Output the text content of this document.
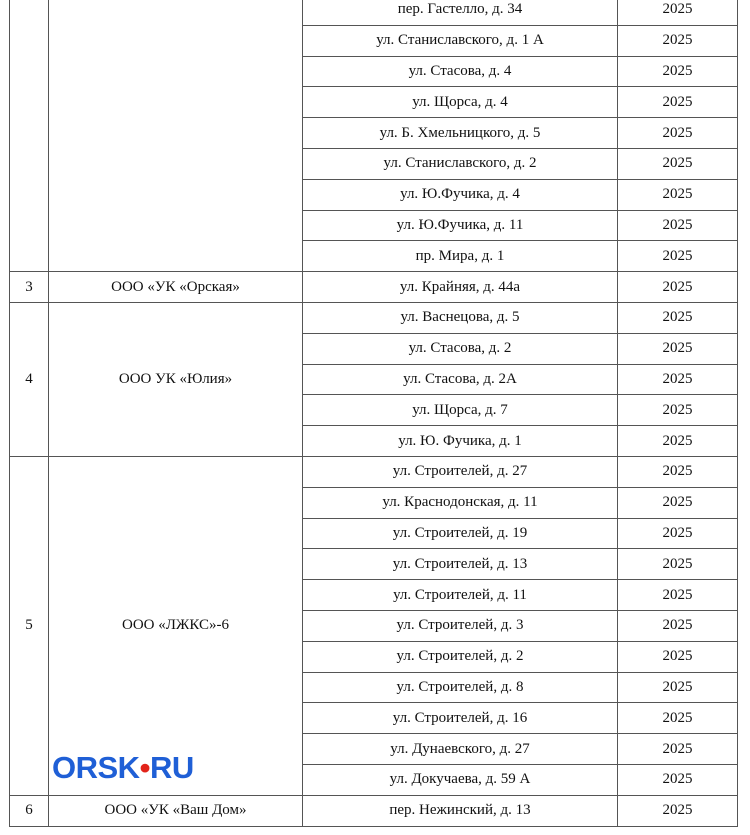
		пер. Гастелло, д. 34	2025
		ул. Станиславского, д. 1 А	2025
		ул. Стасова, д. 4	2025
		ул. Щорса, д. 4	2025
		ул. Б. Хмельницкого, д. 5	2025
		ул. Станиславского, д. 2	2025
		ул. Ю.Фучика, д. 4	2025
		ул. Ю.Фучика, д. 11	2025
		пр. Мира, д. 1	2025
3	ООО «УК «Орская»	ул. Крайняя, д. 44а	2025
4	ООО УК «Юлия»	ул. Васнецова, д. 5	2025
		ул. Стасова, д. 2	2025
		ул. Стасова, д. 2А	2025
		ул. Щорса, д. 7	2025
		ул. Ю. Фучика, д. 1	2025
5	ООО «ЛЖКС»-6	ул. Строителей, д. 27	2025
		ул. Краснодонская, д. 11	2025
		ул. Строителей, д. 19	2025
		ул. Строителей, д. 13	2025
		ул. Строителей, д. 11	2025
		ул. Строителей, д. 3	2025
		ул. Строителей, д. 2	2025
		ул. Строителей, д. 8	2025
		ул. Строителей, д. 16	2025
		ул. Дунаевского, д. 27	2025
		ул. Докучаева, д. 59 А	2025
6	ООО «УК «Ваш Дом»	пер. Нежинский, д. 13	2025
ORSK•RU
